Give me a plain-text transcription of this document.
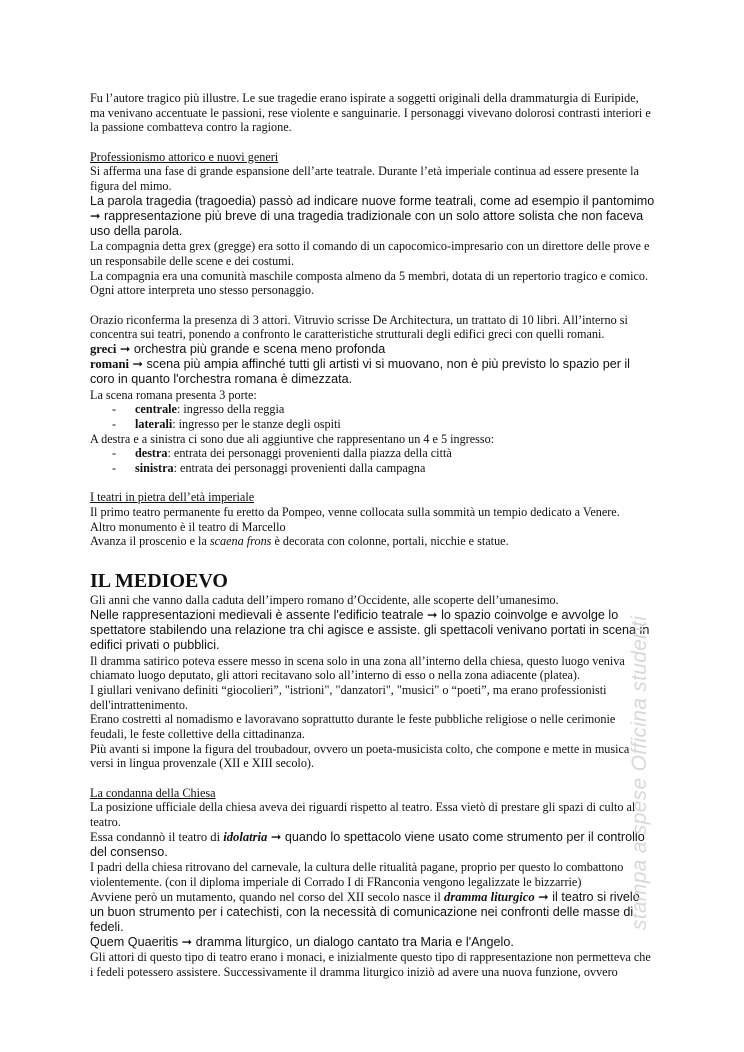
Fu l’autore tragico più illustre. Le sue tragedie erano ispirate a soggetti originali della drammaturgia di Euripide, ma venivano accentuate le passioni, rese violente e sanguinarie. I personaggi vivevano dolorosi contrasti interiori e la passione combatteva contro la ragione.

Professionismo attorico e nuovi generi

Si afferma una fase di grande espansione dell’arte teatrale. Durante l’età imperiale continua ad essere presente la figura del mimo.

La parola tragedia (tragoedia) passò ad indicare nuove forme teatrali, come ad esempio il pantomimo ➞ rappresentazione più breve di una tragedia tradizionale con un solo attore solista che non faceva uso della parola.

La compagnia detta grex (gregge) era sotto il comando di un capocomico-impresario con un direttore delle prove e un responsabile delle scene e dei costumi.

La compagnia era una comunità maschile composta almeno da 5 membri, dotata di un repertorio tragico e comico. Ogni attore interpreta uno stesso personaggio.

Orazio riconferma la presenza di 3 attori. Vitruvio scrisse De Architectura, un trattato di 10 libri. All’interno si concentra sui teatri, ponendo a confronto le caratteristiche strutturali degli edifici greci con quelli romani.

greci ➞ orchestra più grande e scena meno profonda

romani ➞ scena più ampia affinché tutti gli artisti vi si muovano, non è più previsto lo spazio per il coro in quanto l'orchestra romana è dimezzata.

La scena romana presenta 3 porte:

- centrale: ingresso della reggia
- laterali: ingresso per le stanze degli ospiti

A destra e a sinistra ci sono due ali aggiuntive che rappresentano un 4 e 5 ingresso:

- destra: entrata dei personaggi provenienti dalla piazza della città
- sinistra: entrata dei personaggi provenienti dalla campagna

I teatri in pietra dell’età imperiale

Il primo teatro permanente fu eretto da Pompeo, venne collocata sulla sommità un tempio dedicato a Venere.

Altro monumento è il teatro di Marcello

Avanza il proscenio e la scaena frons è decorata con colonne, portali, nicchie e statue.

IL MEDIOEVO

Gli anni che vanno dalla caduta dell’impero romano d’Occidente, alle scoperte dell’umanesimo.

Nelle rappresentazioni medievali è assente l'edificio teatrale ➞ lo spazio coinvolge e avvolge lo spettatore stabilendo una relazione tra chi agisce e assiste. gli spettacoli venivano portati in scena in edifici privati o pubblici.

Il dramma satirico poteva essere messo in scena solo in una zona all’interno della chiesa, questo luogo veniva chiamato luogo deputato, gli attori recitavano solo all’interno di esso o nella zona adiacente (platea).

I giullari venivano definiti “giocolieri”, "istrioni", "danzatori", "musici" o “poeti”, ma erano professionisti dell'intrattenimento.

Erano costretti al nomadismo e lavoravano soprattutto durante le feste pubbliche religiose o nelle cerimonie feudali, le feste collettive della cittadinanza.

Più avanti si impone la figura del troubadour, ovvero un poeta-musicista colto, che compone e mette in musica versi in lingua provenzale (XII e XIII secolo).

La condanna della Chiesa

La posizione ufficiale della chiesa aveva dei riguardi rispetto al teatro. Essa vietò di prestare gli spazi di culto al teatro.

Essa condannò il teatro di idolatria ➞ quando lo spettacolo viene usato come strumento per il controllo del consenso.

I padri della chiesa ritrovano del carnevale, la cultura delle ritualità pagane, proprio per questo lo combattono violentemente. (con il diploma imperiale di Corrado I di FRanconia vengono legalizzate le bizzarrie)

Avviene però un mutamento, quando nel corso del XII secolo nasce il dramma liturgico ➞ il teatro si rivelò un buon strumento per i catechisti, con la necessità di comunicazione nei confronti delle masse di fedeli.

Quem Quaeritis ➞ dramma liturgico, un dialogo cantato tra Maria e l'Angelo.

Gli attori di questo tipo di teatro erano i monaci, e inizialmente questo tipo di rappresentazione non permetteva che i fedeli potessero assistere. Successivamente il dramma liturgico iniziò ad avere una nuova funzione, ovvero

stampa a spese Officina studenti
